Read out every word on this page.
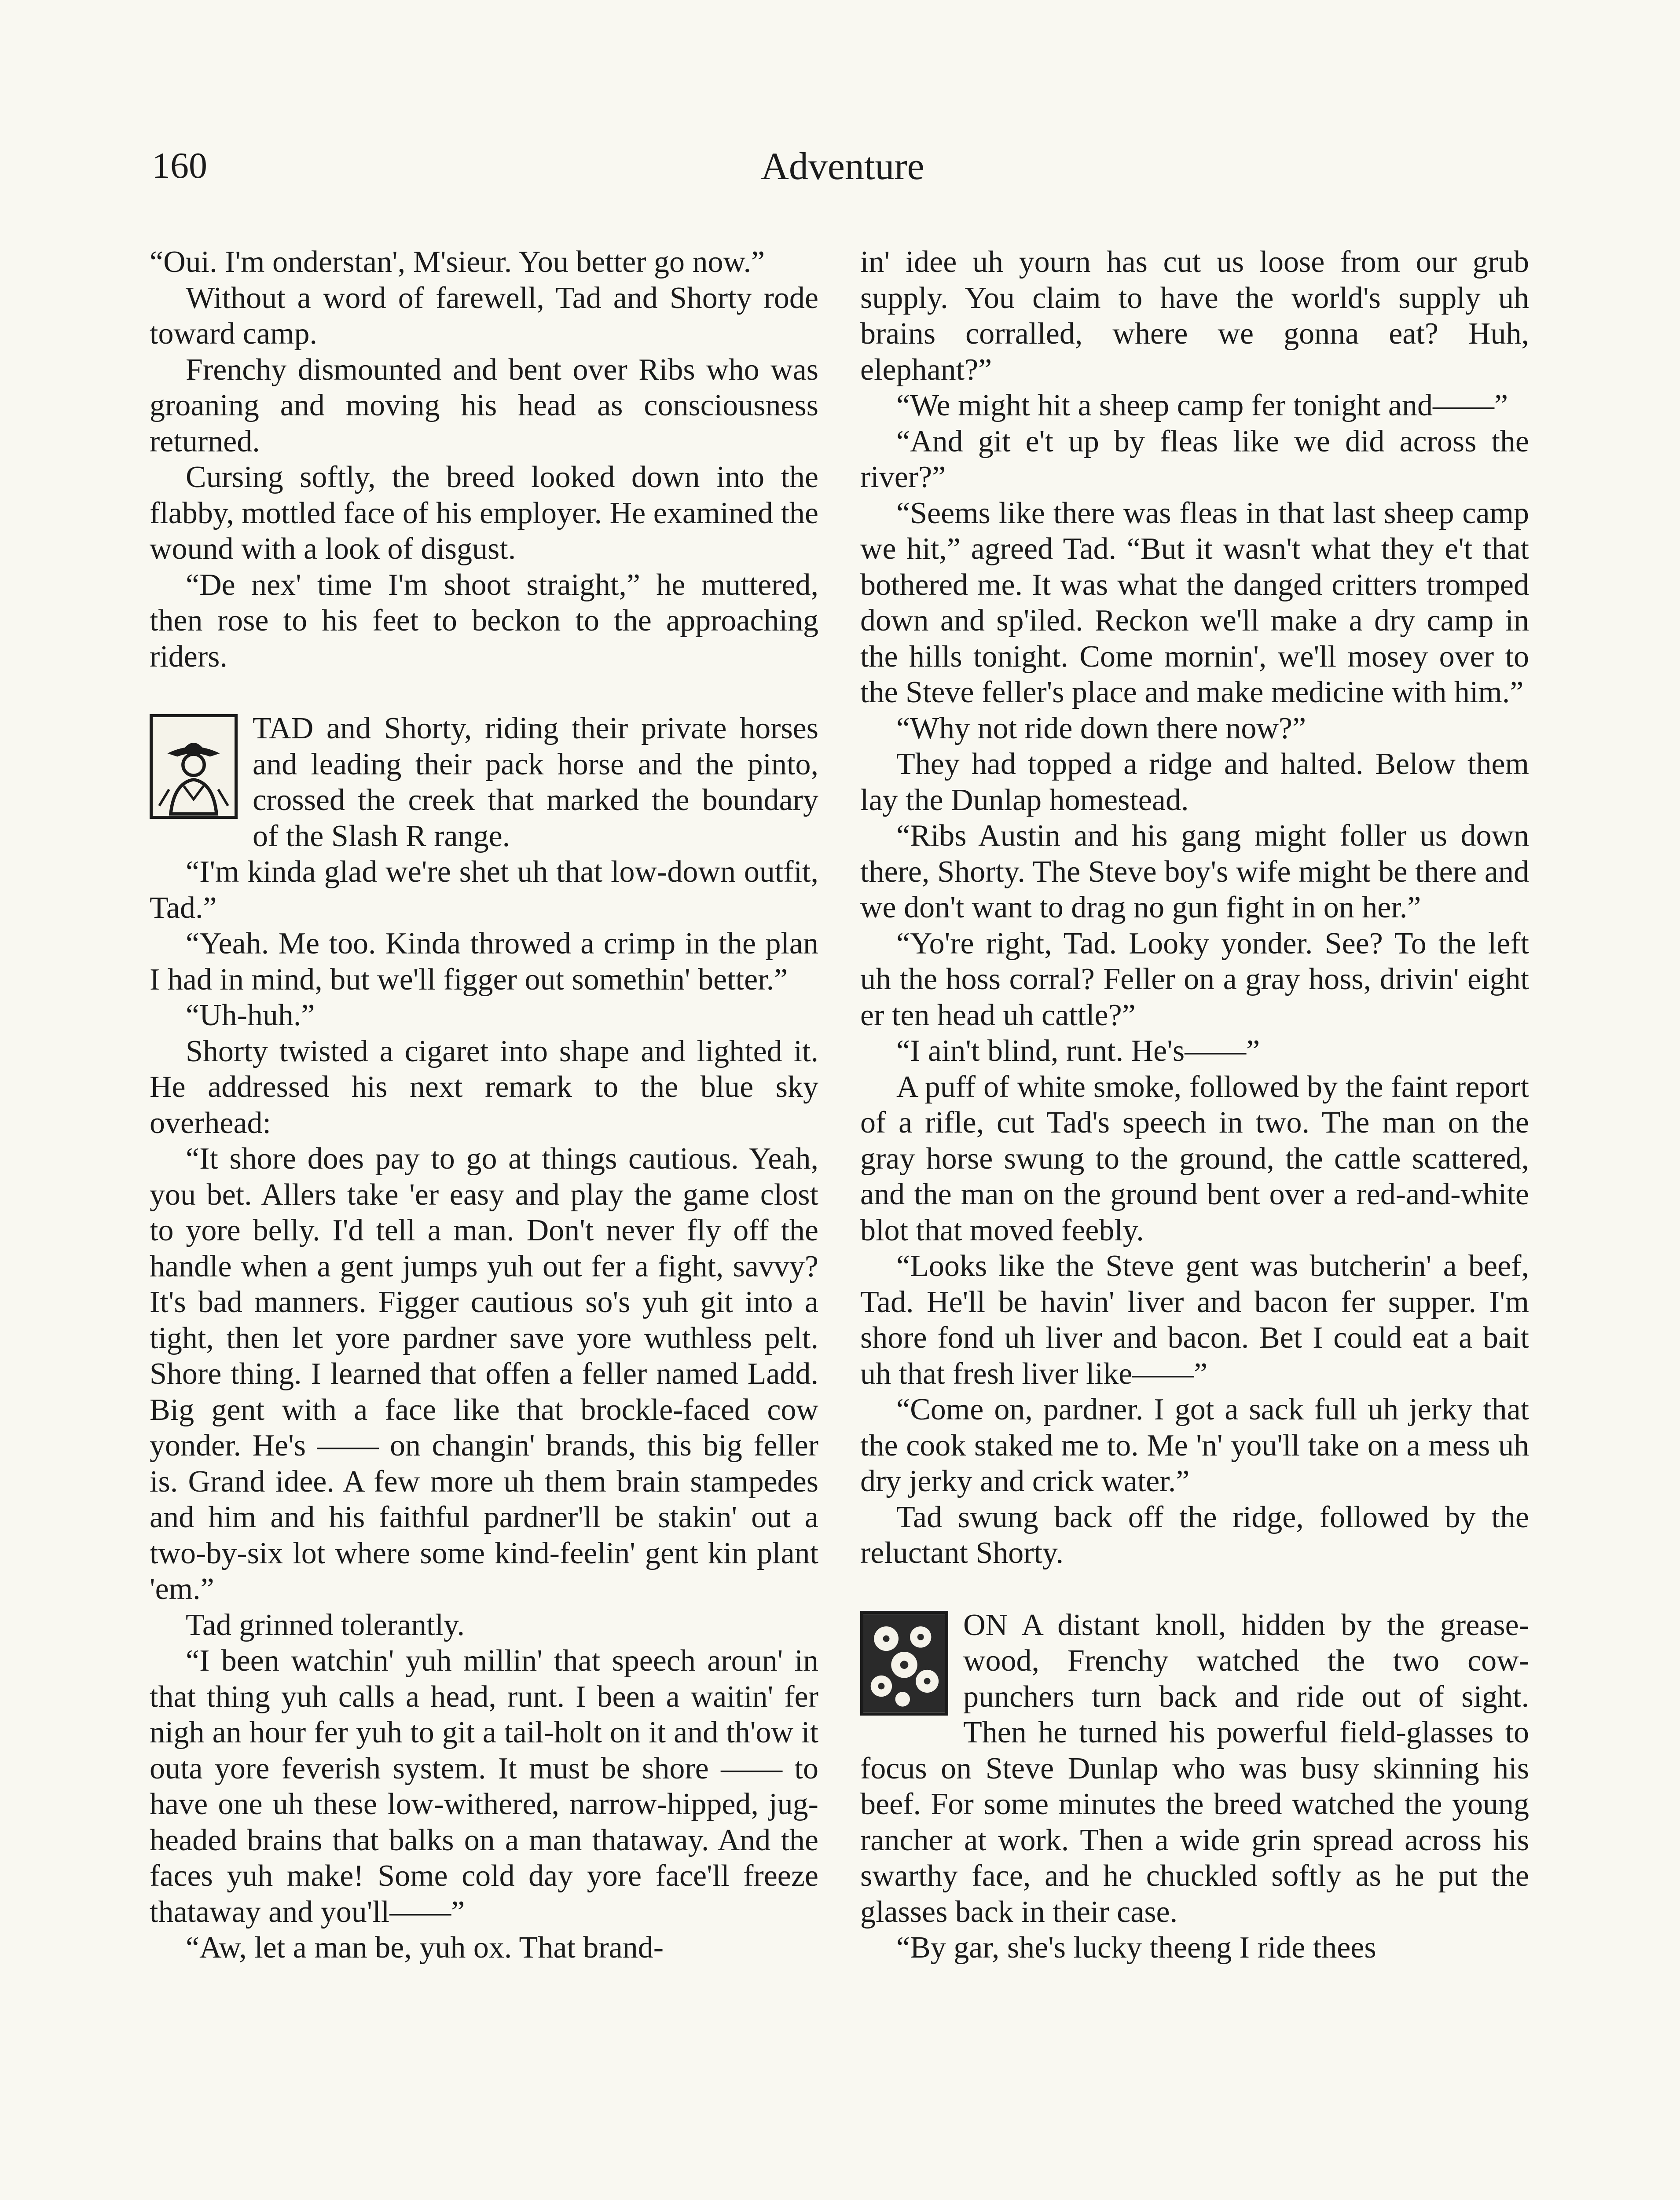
160	Adventure

“Oui. I'm onderstan', M'sieur. You better go now.”

Without a word of farewell, Tad and Shorty rode toward camp.

Frenchy dismounted and bent over Ribs who was groaning and moving his head as consciousness returned.

Cursing softly, the breed looked down into the flabby, mottled face of his employer. He examined the wound with a look of disgust.

“De nex' time I'm shoot straight,” he muttered, then rose to his feet to beckon to the approaching riders.

TAD and Shorty, riding their private horses and leading their pack horse and the pinto, crossed the creek that marked the boundary of the Slash R range.

“I'm kinda glad we're shet uh that low-down outfit, Tad.”

“Yeah. Me too. Kinda throwed a crimp in the plan I had in mind, but we'll figger out somethin' better.”

“Uh-huh.”

Shorty twisted a cigaret into shape and lighted it. He addressed his next remark to the blue sky overhead:

“It shore does pay to go at things cautious. Yeah, you bet. Allers take 'er easy and play the game clost to yore belly. I'd tell a man. Don't never fly off the handle when a gent jumps yuh out fer a fight, savvy? It's bad manners. Figger cautious so's yuh git into a tight, then let yore pardner save yore wuthless pelt. Shore thing. I learned that offen a feller named Ladd. Big gent with a face like that brockle-faced cow yonder. He's —— on changin' brands, this big feller is. Grand idee. A few more uh them brain stampedes and him and his faithful pardner'll be stakin' out a two-by-six lot where some kind-feelin' gent kin plant 'em.”

Tad grinned tolerantly.

“I been watchin' yuh millin' that speech aroun' in that thing yuh calls a head, runt. I been a waitin' fer nigh an hour fer yuh to git a tail-holt on it and th'ow it outa yore feverish system. It must be shore —— to have one uh these low-withered, narrow-hipped, jug-headed brains that balks on a man thataway. And the faces yuh make! Some cold day yore face'll freeze thataway and you'll——”

“Aw, let a man be, yuh ox. That brand-

in' idee uh yourn has cut us loose from our grub supply. You claim to have the world's supply uh brains corralled, where we gonna eat? Huh, elephant?”

“We might hit a sheep camp fer tonight and——”

“And git e't up by fleas like we did across the river?”

“Seems like there was fleas in that last sheep camp we hit,” agreed Tad. “But it wasn't what they e't that bothered me. It was what the danged critters tromped down and sp'iled. Reckon we'll make a dry camp in the hills tonight. Come mornin', we'll mosey over to the Steve feller's place and make medicine with him.”

“Why not ride down there now?”

They had topped a ridge and halted. Below them lay the Dunlap homestead.

“Ribs Austin and his gang might foller us down there, Shorty. The Steve boy's wife might be there and we don't want to drag no gun fight in on her.”

“Yo're right, Tad. Looky yonder. See? To the left uh the hoss corral? Feller on a gray hoss, drivin' eight er ten head uh cattle?”

“I ain't blind, runt. He's——”

A puff of white smoke, followed by the faint report of a rifle, cut Tad's speech in two. The man on the gray horse swung to the ground, the cattle scattered, and the man on the ground bent over a red-and-white blot that moved feebly.

“Looks like the Steve gent was butcherin' a beef, Tad. He'll be havin' liver and bacon fer supper. I'm shore fond uh liver and bacon. Bet I could eat a bait uh that fresh liver like——”

“Come on, pardner. I got a sack full uh jerky that the cook staked me to. Me 'n' you'll take on a mess uh dry jerky and crick water.”

Tad swung back off the ridge, followed by the reluctant Shorty.

ON A distant knoll, hidden by the grease-wood, Frenchy watched the two cow-punchers turn back and ride out of sight. Then he turned his powerful field-glasses to focus on Steve Dunlap who was busy skinning his beef. For some minutes the breed watched the young rancher at work. Then a wide grin spread across his swarthy face, and he chuckled softly as he put the glasses back in their case.

“By gar, she's lucky theeng I ride thees
